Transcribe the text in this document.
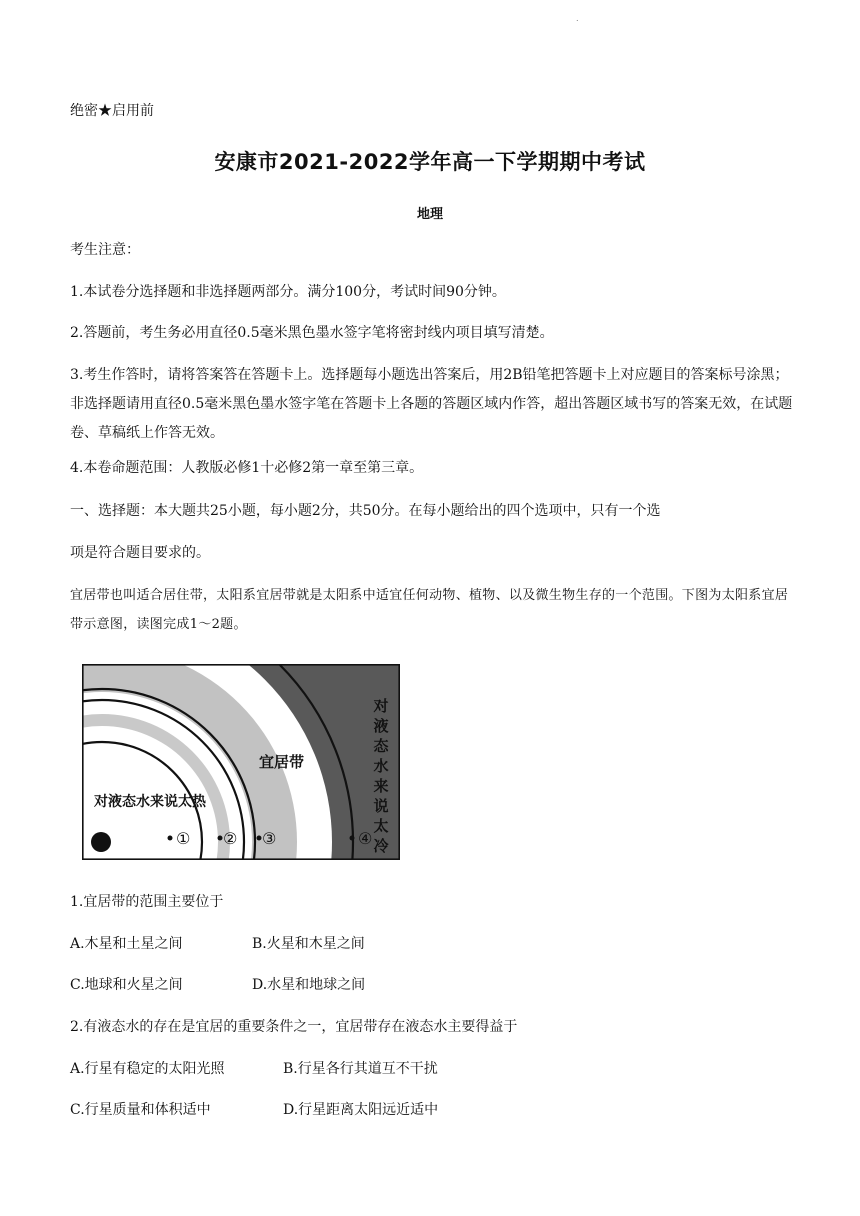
.
绝密★启用前
安康市2021-2022学年高一下学期期中考试
地理
考生注意：
1.本试卷分选择题和非选择题两部分。满分100分，考试时间90分钟。
2.答题前，考生务必用直径0.5毫米黑色墨水签字笔将密封线内项目填写清楚。
3.考生作答时，请将答案答在答题卡上。选择题每小题选出答案后，用2B铅笔把答题卡上对应题目的答案标号涂黑；非选择题请用直径0.5毫米黑色墨水签字笔在答题卡上各题的答题区域内作答，超出答题区域书写的答案无效，在试题卷、草稿纸上作答无效。
4.本卷命题范围：人教版必修1十必修2第一章至第三章。
一、选择题：本大题共25小题，每小题2分，共50分。在每小题给出的四个选项中，只有一个选
项是符合题目要求的。
宜居带也叫适合居住带，太阳系宜居带就是太阳系中适宜任何动物、植物、以及微生物生存的一个范围。下图为太阳系宜居带示意图，读图完成1～2题。
① ② ③	④
对液态水来说太热
宜居带
对
液
态
水
来
说
太
冷
1.宜居带的范围主要位于
A.木星和土星之间	B.火星和木星之间
C.地球和火星之间	D.水星和地球之间
2.有液态水的存在是宜居的重要条件之一，宜居带存在液态水主要得益于
A.行星有稳定的太阳光照	B.行星各行其道互不干扰
C.行星质量和体积适中	D.行星距离太阳远近适中
